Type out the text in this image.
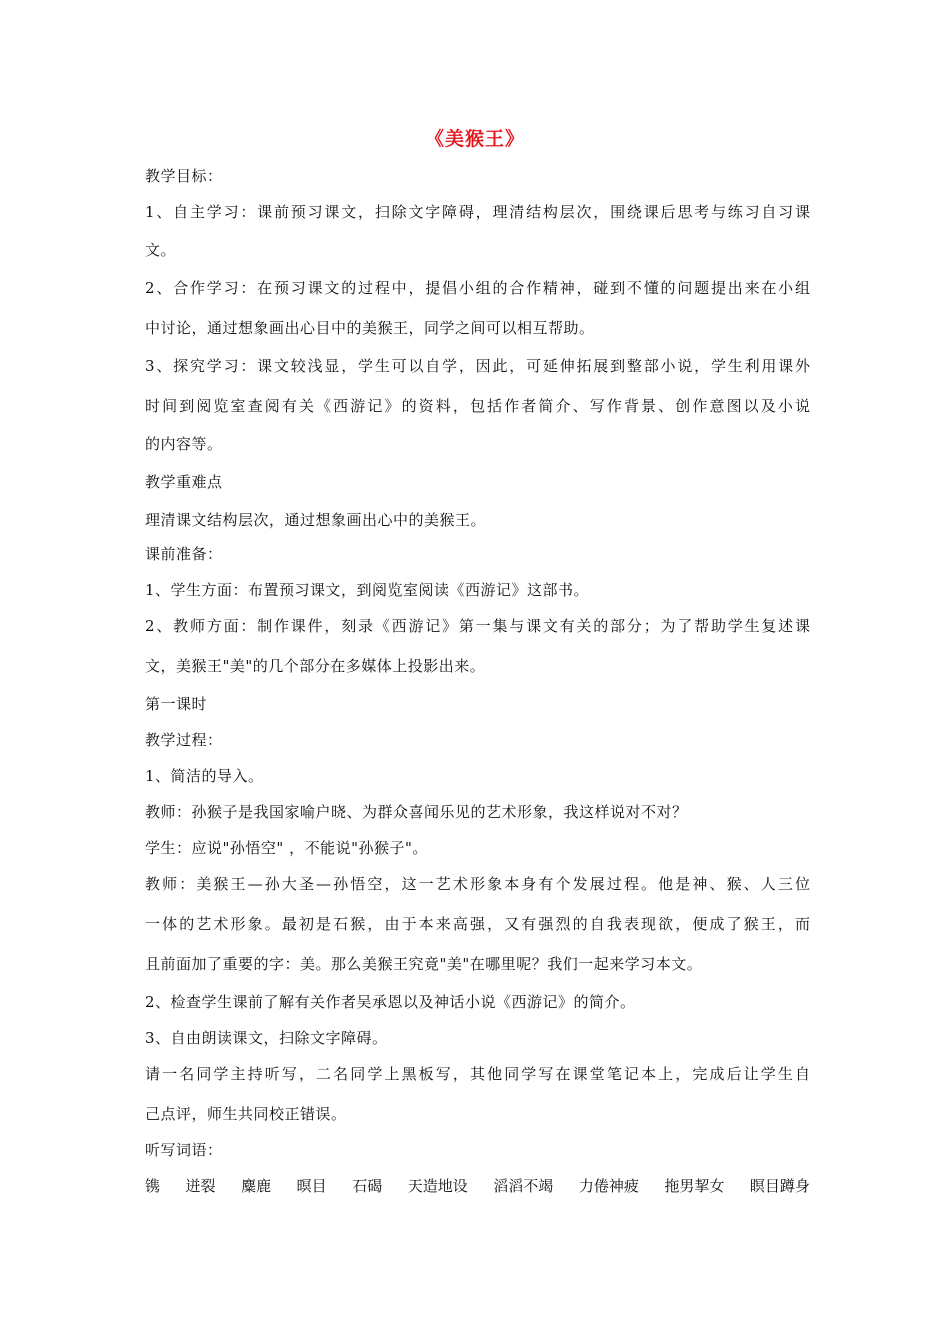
《美猴王》
教学目标：
1、自主学习：课前预习课文，扫除文字障碍，理清结构层次，围绕课后思考与练习自习课
文。
2、合作学习：在预习课文的过程中，提倡小组的合作精神，碰到不懂的问题提出来在小组
中讨论，通过想象画出心目中的美猴王，同学之间可以相互帮助。
3、探究学习：课文较浅显，学生可以自学，因此，可延伸拓展到整部小说，学生利用课外
时间到阅览室查阅有关《西游记》的资料，包括作者简介、写作背景、创作意图以及小说
的内容等。
教学重难点
理清课文结构层次，通过想象画出心中的美猴王。
课前准备：
1、学生方面：布置预习课文，到阅览室阅读《西游记》这部书。
2、教师方面：制作课件，刻录《西游记》第一集与课文有关的部分；为了帮助学生复述课
文，美猴王"美"的几个部分在多媒体上投影出来。
第一课时
教学过程：
1、简洁的导入。
教师：孙猴子是我国家喻户晓、为群众喜闻乐见的艺术形象，我这样说对不对？
学生：应说"孙悟空" ，不能说"孙猴子"。
教师：美猴王—孙大圣—孙悟空，这一艺术形象本身有个发展过程。他是神、猴、人三位
一体的艺术形象。最初是石猴，由于本来高强，又有强烈的自我表现欲，便成了猴王，而
且前面加了重要的字：美。那么美猴王究竟"美"在哪里呢？我们一起来学习本文。
2、检查学生课前了解有关作者吴承恩以及神话小说《西游记》的简介。
3、自由朗读课文，扫除文字障碍。
请一名同学主持听写，二名同学上黑板写，其他同学写在课堂笔记本上，完成后让学生自
己点评，师生共同校正错误。
听写词语：
镌 迸裂 麋鹿 暝目 石碣 天造地设 滔滔不竭 力倦神疲 拖男挈女 瞑目蹲身
